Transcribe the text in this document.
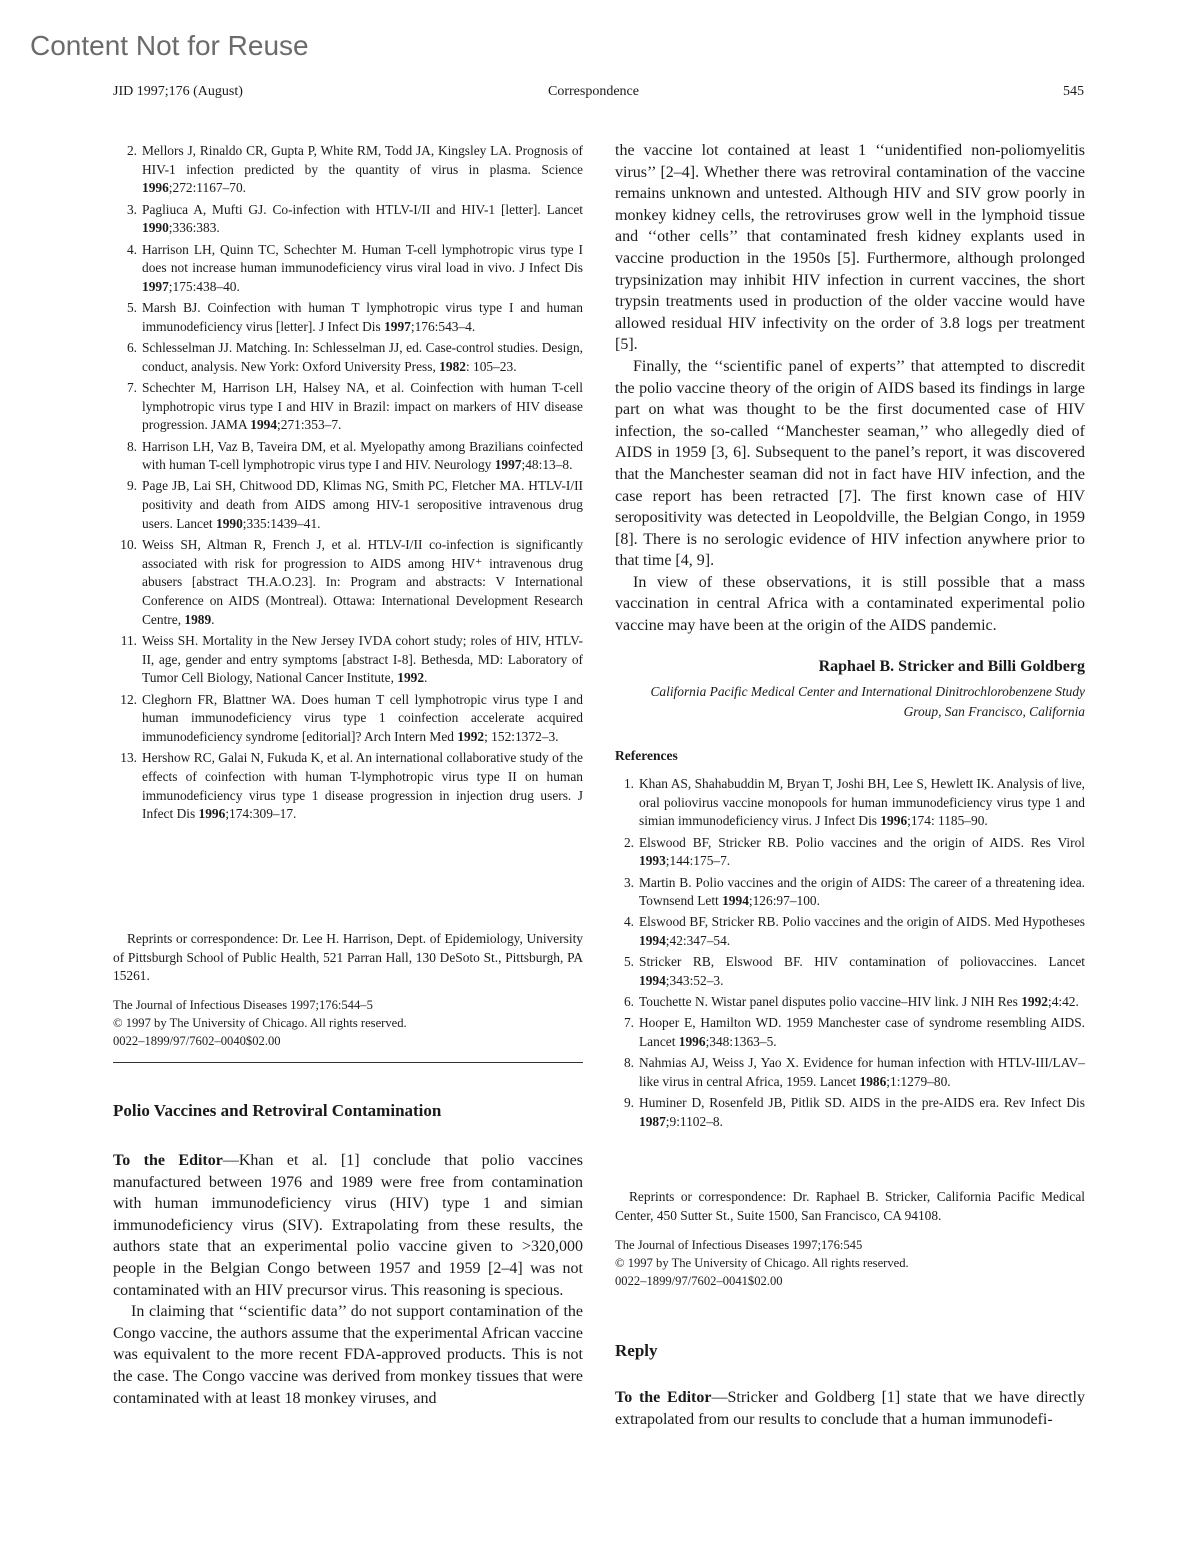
Content Not for Reuse
JID 1997;176 (August)	Correspondence	545
2. Mellors J, Rinaldo CR, Gupta P, White RM, Todd JA, Kingsley LA. Prognosis of HIV-1 infection predicted by the quantity of virus in plasma. Science 1996;272:1167–70.
3. Pagliuca A, Mufti GJ. Co-infection with HTLV-I/II and HIV-1 [letter]. Lancet 1990;336:383.
4. Harrison LH, Quinn TC, Schechter M. Human T-cell lymphotropic virus type I does not increase human immunodeficiency virus viral load in vivo. J Infect Dis 1997;175:438–40.
5. Marsh BJ. Coinfection with human T lymphotropic virus type I and human immunodeficiency virus [letter]. J Infect Dis 1997;176:543–4.
6. Schlesselman JJ. Matching. In: Schlesselman JJ, ed. Case-control studies. Design, conduct, analysis. New York: Oxford University Press, 1982: 105–23.
7. Schechter M, Harrison LH, Halsey NA, et al. Coinfection with human T-cell lymphotropic virus type I and HIV in Brazil: impact on markers of HIV disease progression. JAMA 1994;271:353–7.
8. Harrison LH, Vaz B, Taveira DM, et al. Myelopathy among Brazilians coinfected with human T-cell lymphotropic virus type I and HIV. Neurology 1997;48:13–8.
9. Page JB, Lai SH, Chitwood DD, Klimas NG, Smith PC, Fletcher MA. HTLV-I/II positivity and death from AIDS among HIV-1 seropositive intravenous drug users. Lancet 1990;335:1439–41.
10. Weiss SH, Altman R, French J, et al. HTLV-I/II co-infection is significantly associated with risk for progression to AIDS among HIV⁺ intravenous drug abusers [abstract TH.A.O.23]. In: Program and abstracts: V International Conference on AIDS (Montreal). Ottawa: International Development Research Centre, 1989.
11. Weiss SH. Mortality in the New Jersey IVDA cohort study; roles of HIV, HTLV-II, age, gender and entry symptoms [abstract I-8]. Bethesda, MD: Laboratory of Tumor Cell Biology, National Cancer Institute, 1992.
12. Cleghorn FR, Blattner WA. Does human T cell lymphotropic virus type I and human immunodeficiency virus type 1 coinfection accelerate acquired immunodeficiency syndrome [editorial]? Arch Intern Med 1992; 152:1372–3.
13. Hershow RC, Galai N, Fukuda K, et al. An international collaborative study of the effects of coinfection with human T-lymphotropic virus type II on human immunodeficiency virus type 1 disease progression in injection drug users. J Infect Dis 1996;174:309–17.
Reprints or correspondence: Dr. Lee H. Harrison, Dept. of Epidemiology, University of Pittsburgh School of Public Health, 521 Parran Hall, 130 DeSoto St., Pittsburgh, PA 15261.
The Journal of Infectious Diseases 1997;176:544–5
© 1997 by The University of Chicago. All rights reserved.
0022–1899/97/7602–0040$02.00
Polio Vaccines and Retroviral Contamination

To the Editor—Khan et al. [1] conclude that polio vaccines manufactured between 1976 and 1989 were free from contamination with human immunodeficiency virus (HIV) type 1 and simian immunodeficiency virus (SIV). Extrapolating from these results, the authors state that an experimental polio vaccine given to >320,000 people in the Belgian Congo between 1957 and 1959 [2–4] was not contaminated with an HIV precursor virus. This reasoning is specious.

In claiming that ‘‘scientific data’’ do not support contamination of the Congo vaccine, the authors assume that the experimental African vaccine was equivalent to the more recent FDA-approved products. This is not the case. The Congo vaccine was derived from monkey tissues that were contaminated with at least 18 monkey viruses, and

the vaccine lot contained at least 1 ‘‘unidentified non-poliomyelitis virus’’ [2–4]. Whether there was retroviral contamination of the vaccine remains unknown and untested. Although HIV and SIV grow poorly in monkey kidney cells, the retroviruses grow well in the lymphoid tissue and ‘‘other cells’’ that contaminated fresh kidney explants used in vaccine production in the 1950s [5]. Furthermore, although prolonged trypsinization may inhibit HIV infection in current vaccines, the short trypsin treatments used in production of the older vaccine would have allowed residual HIV infectivity on the order of 3.8 logs per treatment [5].

Finally, the ‘‘scientific panel of experts’’ that attempted to discredit the polio vaccine theory of the origin of AIDS based its findings in large part on what was thought to be the first documented case of HIV infection, the so-called ‘‘Manchester seaman,’’ who allegedly died of AIDS in 1959 [3, 6]. Subsequent to the panel’s report, it was discovered that the Manchester seaman did not in fact have HIV infection, and the case report has been retracted [7]. The first known case of HIV seropositivity was detected in Leopoldville, the Belgian Congo, in 1959 [8]. There is no serologic evidence of HIV infection anywhere prior to that time [4, 9].

In view of these observations, it is still possible that a mass vaccination in central Africa with a contaminated experimental polio vaccine may have been at the origin of the AIDS pandemic.

Raphael B. Stricker and Billi Goldberg
California Pacific Medical Center and International Dinitrochlorobenzene Study Group, San Francisco, California
References
1. Khan AS, Shahabuddin M, Bryan T, Joshi BH, Lee S, Hewlett IK. Analysis of live, oral poliovirus vaccine monopools for human immunodeficiency virus type 1 and simian immunodeficiency virus. J Infect Dis 1996;174: 1185–90.
2. Elswood BF, Stricker RB. Polio vaccines and the origin of AIDS. Res Virol 1993;144:175–7.
3. Martin B. Polio vaccines and the origin of AIDS: The career of a threatening idea. Townsend Lett 1994;126:97–100.
4. Elswood BF, Stricker RB. Polio vaccines and the origin of AIDS. Med Hypotheses 1994;42:347–54.
5. Stricker RB, Elswood BF. HIV contamination of poliovaccines. Lancet 1994;343:52–3.
6. Touchette N. Wistar panel disputes polio vaccine–HIV link. J NIH Res 1992;4:42.
7. Hooper E, Hamilton WD. 1959 Manchester case of syndrome resembling AIDS. Lancet 1996;348:1363–5.
8. Nahmias AJ, Weiss J, Yao X. Evidence for human infection with HTLV-III/LAV–like virus in central Africa, 1959. Lancet 1986;1:1279–80.
9. Huminer D, Rosenfeld JB, Pitlik SD. AIDS in the pre-AIDS era. Rev Infect Dis 1987;9:1102–8.
Reprints or correspondence: Dr. Raphael B. Stricker, California Pacific Medical Center, 450 Sutter St., Suite 1500, San Francisco, CA 94108.
The Journal of Infectious Diseases 1997;176:545
© 1997 by The University of Chicago. All rights reserved.
0022–1899/97/7602–0041$02.00
Reply

To the Editor—Stricker and Goldberg [1] state that we have directly extrapolated from our results to conclude that a human immunodefi-
